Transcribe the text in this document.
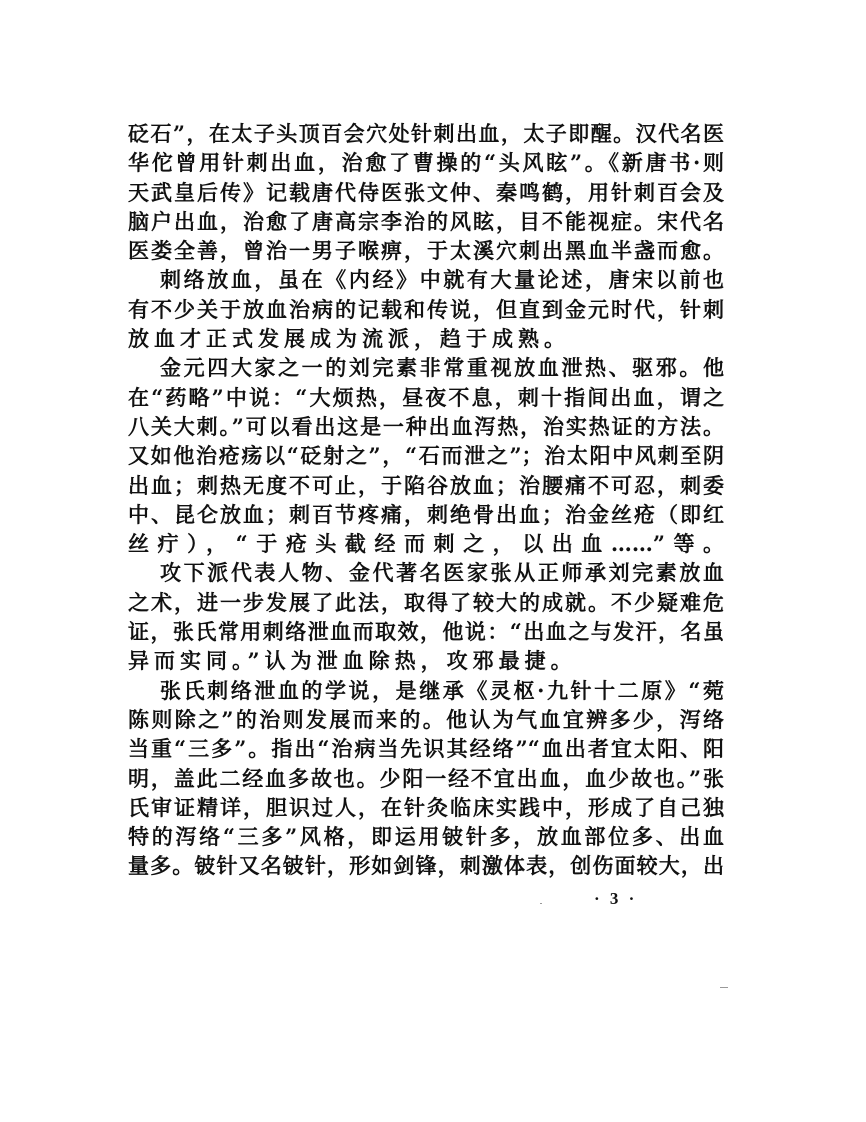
砭石”，在太子头顶百会穴处针刺出血，太子即醒。汉代名医
华佗曾用针刺出血，治愈了曹操的“头风眩”。《新唐书·则
天武皇后传》记载唐代侍医张文仲、秦鸣鹤，用针刺百会及
脑户出血，治愈了唐高宗李治的风眩，目不能视症。宋代名
医娄全善，曾治一男子喉痹，于太溪穴刺出黑血半盏而愈。
刺络放血，虽在《内经》中就有大量论述，唐宋以前也
有不少关于放血治病的记载和传说，但直到金元时代，针刺
放血才正式发展成为流派，趋于成熟。
金元四大家之一的刘完素非常重视放血泄热、驱邪。他
在“药略”中说：“大烦热，昼夜不息，刺十指间出血，谓之
八关大刺。”可以看出这是一种出血泻热，治实热证的方法。
又如他治疮疡以“砭射之”，“石而泄之”；治太阳中风刺至阴
出血；刺热无度不可止，于陷谷放血；治腰痛不可忍，刺委
中、昆仑放血；刺百节疼痛，刺绝骨出血；治金丝疮（即红
丝疔），“于疮头截经而刺之，以出血……”等。
攻下派代表人物、金代著名医家张从正师承刘完素放血
之术，进一步发展了此法，取得了较大的成就。不少疑难危
证，张氏常用刺络泄血而取效，他说：“出血之与发汗，名虽
异而实同。”认为泄血除热，攻邪最捷。
张氏刺络泄血的学说，是继承《灵枢·九针十二原》“菀
陈则除之”的治则发展而来的。他认为气血宜辨多少，泻络
当重“三多”。指出“治病当先识其经络”“血出者宜太阳、阳
明，盖此二经血多故也。少阳一经不宜出血，血少故也。”张
氏审证精详，胆识过人，在针灸临床实践中，形成了自己独
特的泻络“三多”风格，即运用铍针多，放血部位多、出血
量多。铍针又名铍针，形如剑锋，刺激体表，创伤面较大，出
· 3 ·
